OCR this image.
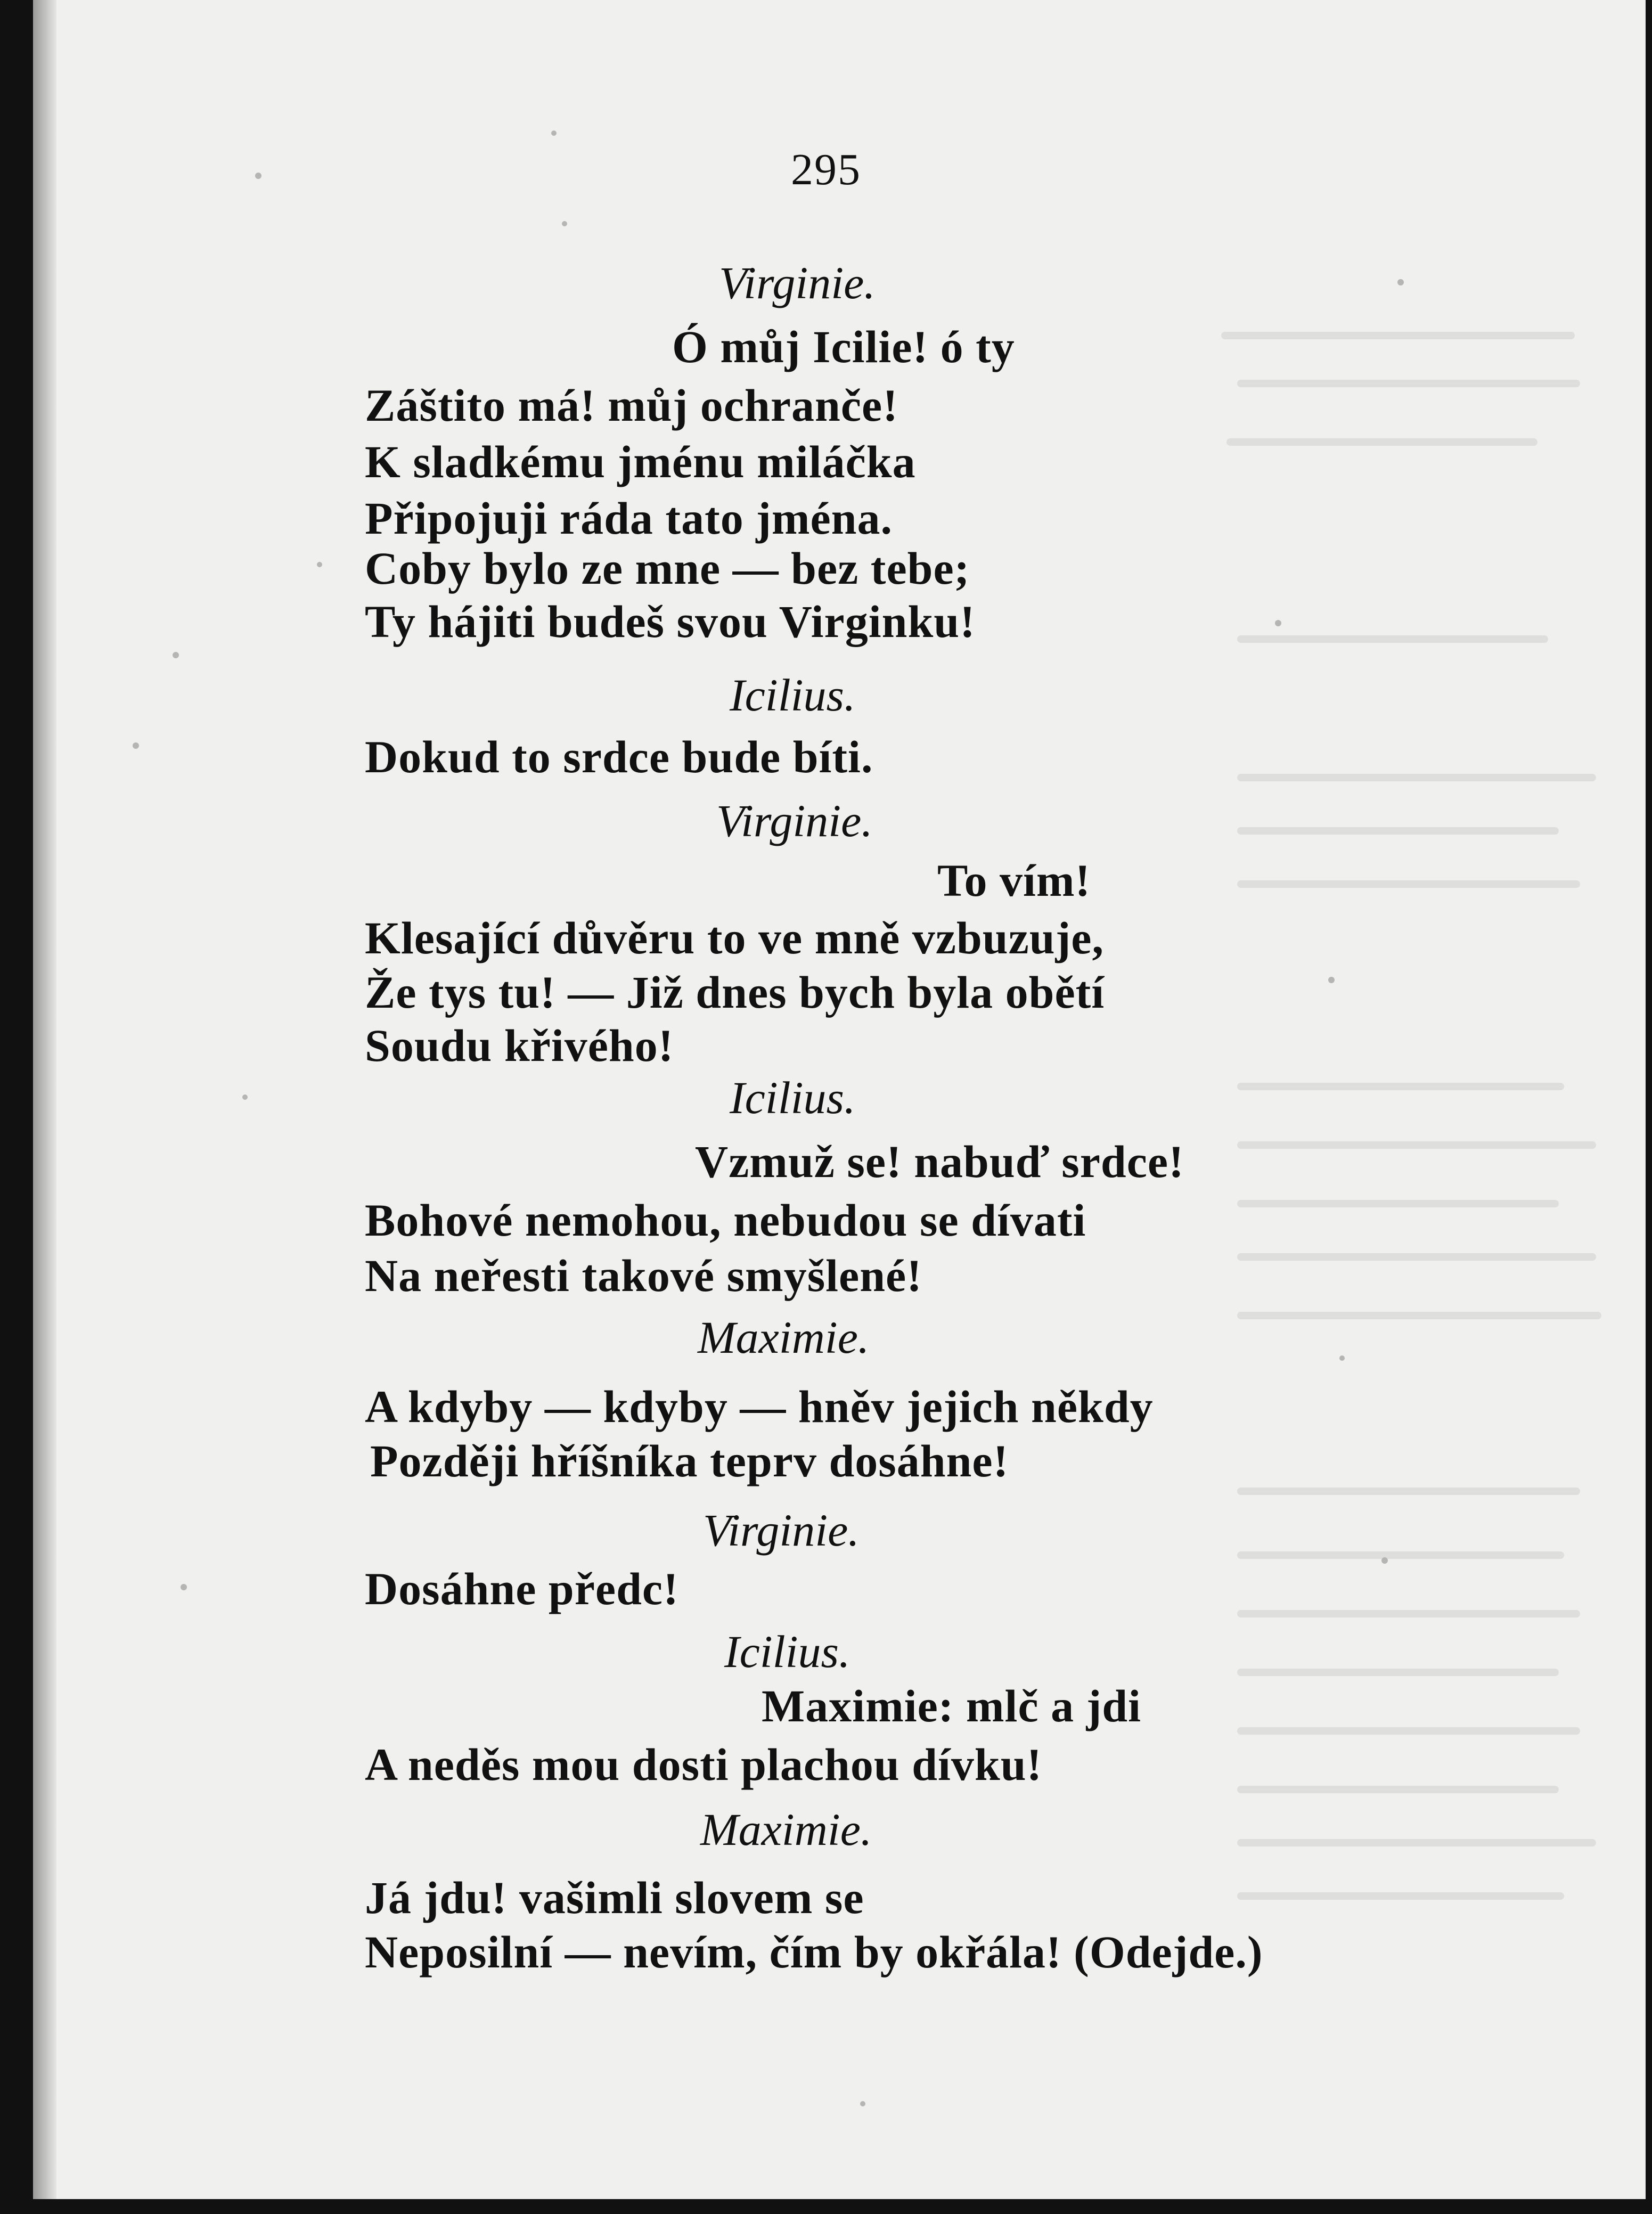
295
Virginie.
Ó můj Icilie! ó ty
Záštito má! můj ochranče!
K sladkému jménu miláčka
Připojuji ráda tato jména.
Coby bylo ze mne — bez tebe;
Ty hájiti budeš svou Virginku!
Icilius.
Dokud to srdce bude bíti.
Virginie.
To vím!
Klesající důvěru to ve mně vzbuzuje,
Že tys tu! — Již dnes bych byla obětí
Soudu křivého!
Icilius.
Vzmuž se! nabuď srdce!
Bohové nemohou, nebudou se dívati
Na neřesti takové smyšlené!
Maximie.
A kdyby — kdyby — hněv jejich někdy
Později hříšníka teprv dosáhne!
Virginie.
Dosáhne předc!
Icilius.
Maximie: mlč a jdi
A neděs mou dosti plachou dívku!
Maximie.
Já jdu! vašimli slovem se
Neposilní — nevím, čím by okřála! (Odejde.)
